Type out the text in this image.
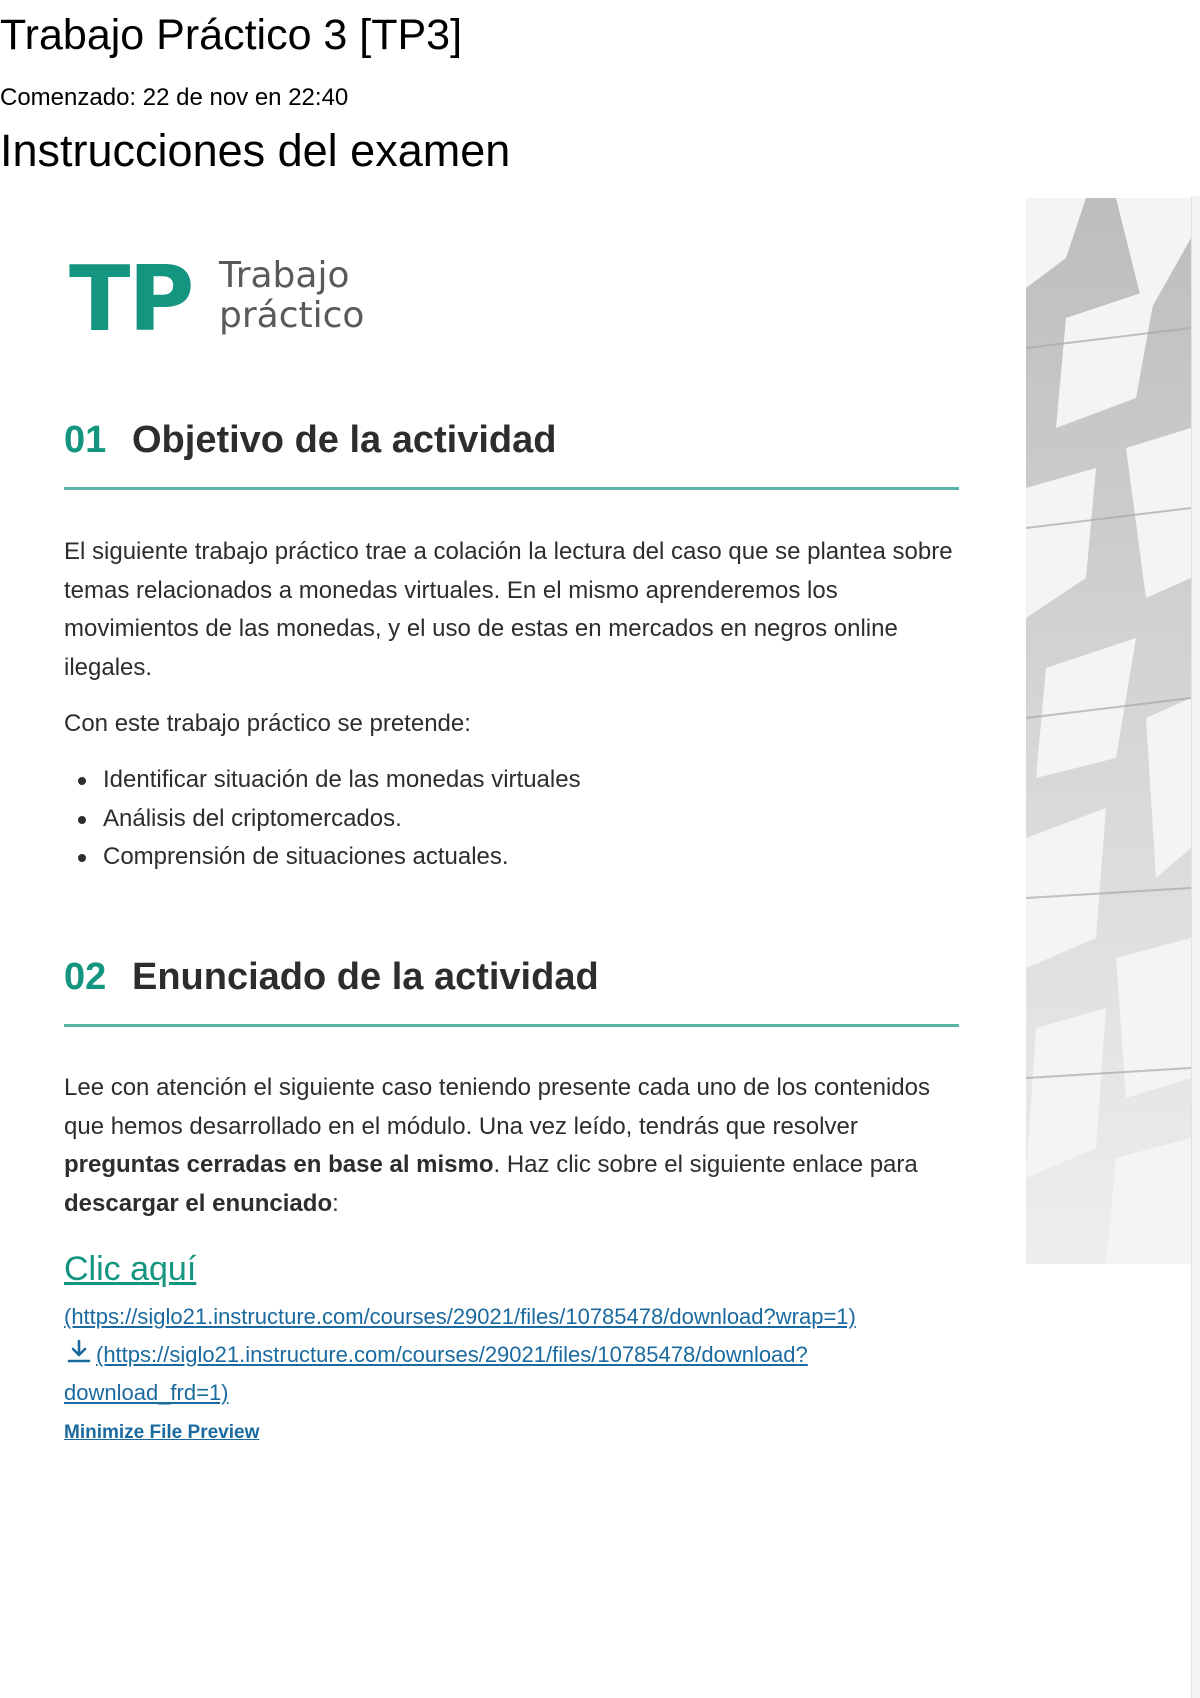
Trabajo Práctico 3 [TP3]
Comenzado: 22 de nov en 22:40
Instrucciones del examen
TP Trabajo
práctico
01 Objetivo de la actividad

El siguiente trabajo práctico trae a colación la lectura del caso que se plantea sobre temas relacionados a monedas virtuales. En el mismo aprenderemos los movimientos de las monedas, y el uso de estas en mercados en negros online ilegales.

Con este trabajo práctico se pretende:

Identificar situación de las monedas virtuales
Análisis del criptomercados.
Comprensión de situaciones actuales.
02 Enunciado de la actividad

Lee con atención el siguiente caso teniendo presente cada uno de los contenidos que hemos desarrollado en el módulo. Una vez leído, tendrás que resolver preguntas cerradas en base al mismo. Haz clic sobre el siguiente enlace para descargar el enunciado:

Clic aquí
(https://siglo21.instructure.com/courses/29021/files/10785478/download?wrap=1)
(https://siglo21.instructure.com/courses/29021/files/10785478/download?download_frd=1)
Minimize File Preview
